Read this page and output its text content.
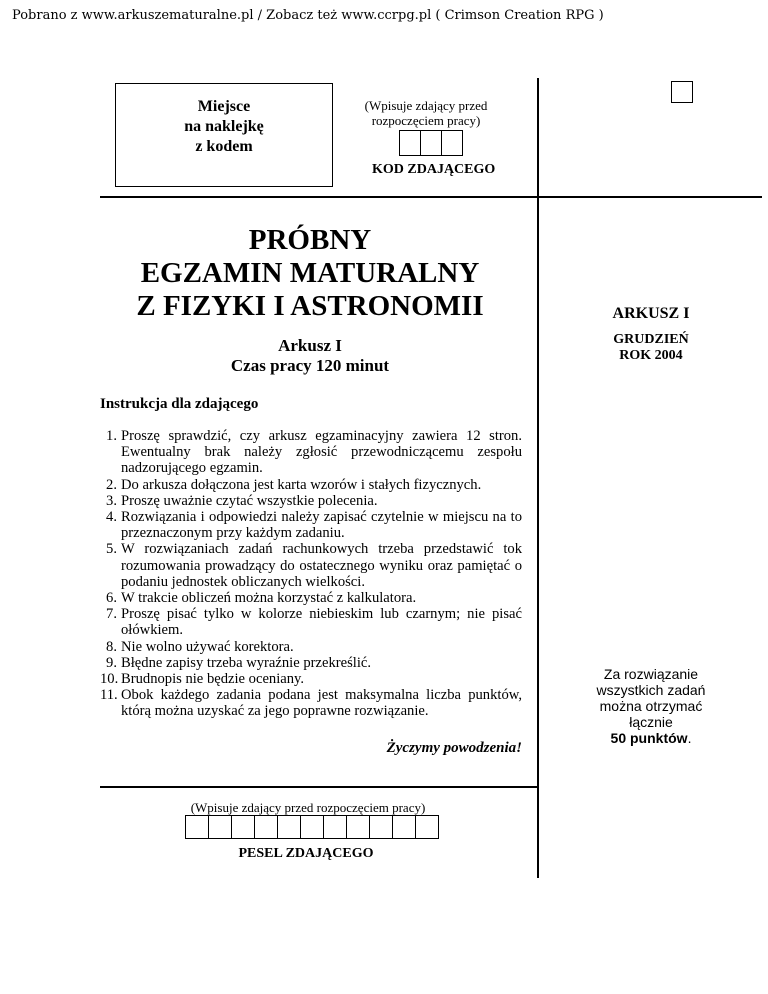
Pobrano z www.arkuszematuralne.pl / Zobacz też www.ccrpg.pl ( Crimson Creation RPG )
Miejsce
na naklejkę
z kodem
(Wpisuje zdający przed
rozpoczęciem pracy)
KOD ZDAJĄCEGO
PRÓBNY
EGZAMIN MATURALNY
Z FIZYKI I ASTRONOMII
Arkusz I
Czas pracy 120 minut
Instrukcja dla zdającego
1. Proszę sprawdzić, czy arkusz egzaminacyjny zawiera 12 stron. Ewentualny brak należy zgłosić przewodniczącemu zespołu nadzorującego egzamin.
2. Do arkusza dołączona jest karta wzorów i stałych fizycznych.
3. Proszę uważnie czytać wszystkie polecenia.
4. Rozwiązania i odpowiedzi należy zapisać czytelnie w miejscu na to przeznaczonym przy każdym zadaniu.
5. W rozwiązaniach zadań rachunkowych trzeba przedstawić tok rozumowania prowadzący do ostatecznego wyniku oraz pamiętać o podaniu jednostek obliczanych wielkości.
6. W trakcie obliczeń można korzystać z kalkulatora.
7. Proszę pisać tylko w kolorze niebieskim lub czarnym; nie pisać ołówkiem.
8. Nie wolno używać korektora.
9. Błędne zapisy trzeba wyraźnie przekreślić.
10. Brudnopis nie będzie oceniany.
11. Obok każdego zadania podana jest maksymalna liczba punktów, którą można uzyskać za jego poprawne rozwiązanie.
Życzymy powodzenia!
ARKUSZ I
GRUDZIEŃ
ROK 2004
Za rozwiązanie
wszystkich zadań
można otrzymać
łącznie
50 punktów.
(Wpisuje zdający przed rozpoczęciem pracy)
PESEL ZDAJĄCEGO
